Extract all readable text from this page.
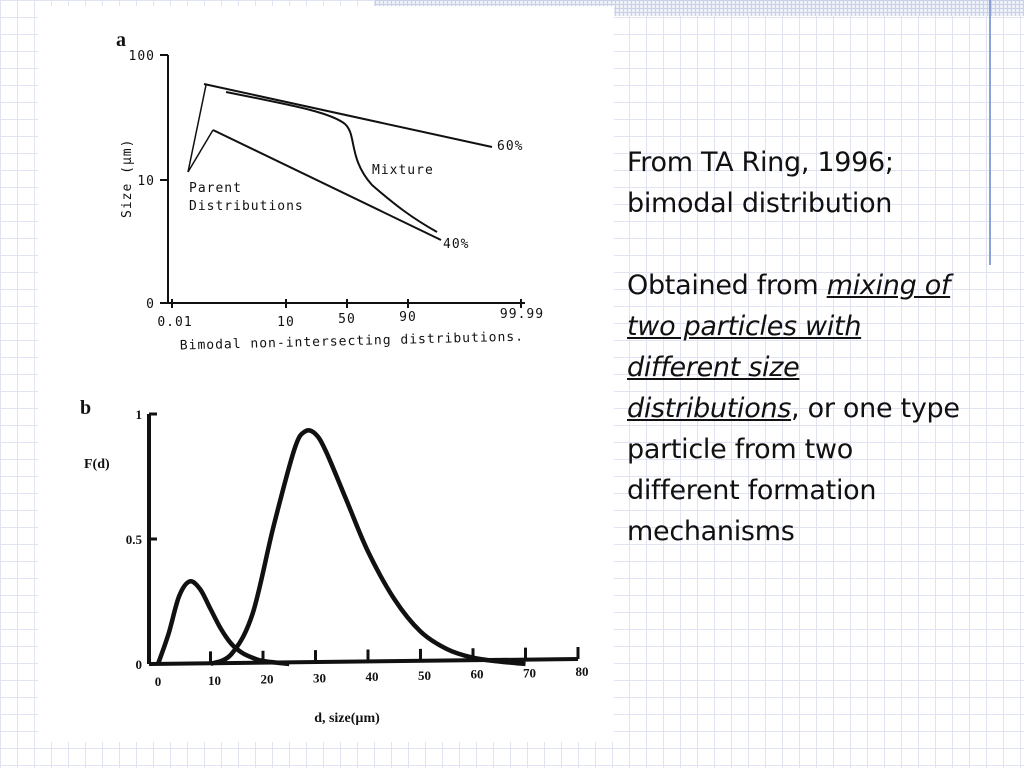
a
Size (µm)
100
10
0
0.01	10	50	90	99.99
Bimodal non-intersecting distributions.
60%
40%
Mixture
Parent
Distributions
b
F(d)
1
0.5
0
0	10	20	30	40	50	60	70	80
d, size(µm)

From TA Ring, 1996;

bimodal distribution

Obtained from mixing of two particles with different size distributions, or one type particle from two different formation mechanisms
